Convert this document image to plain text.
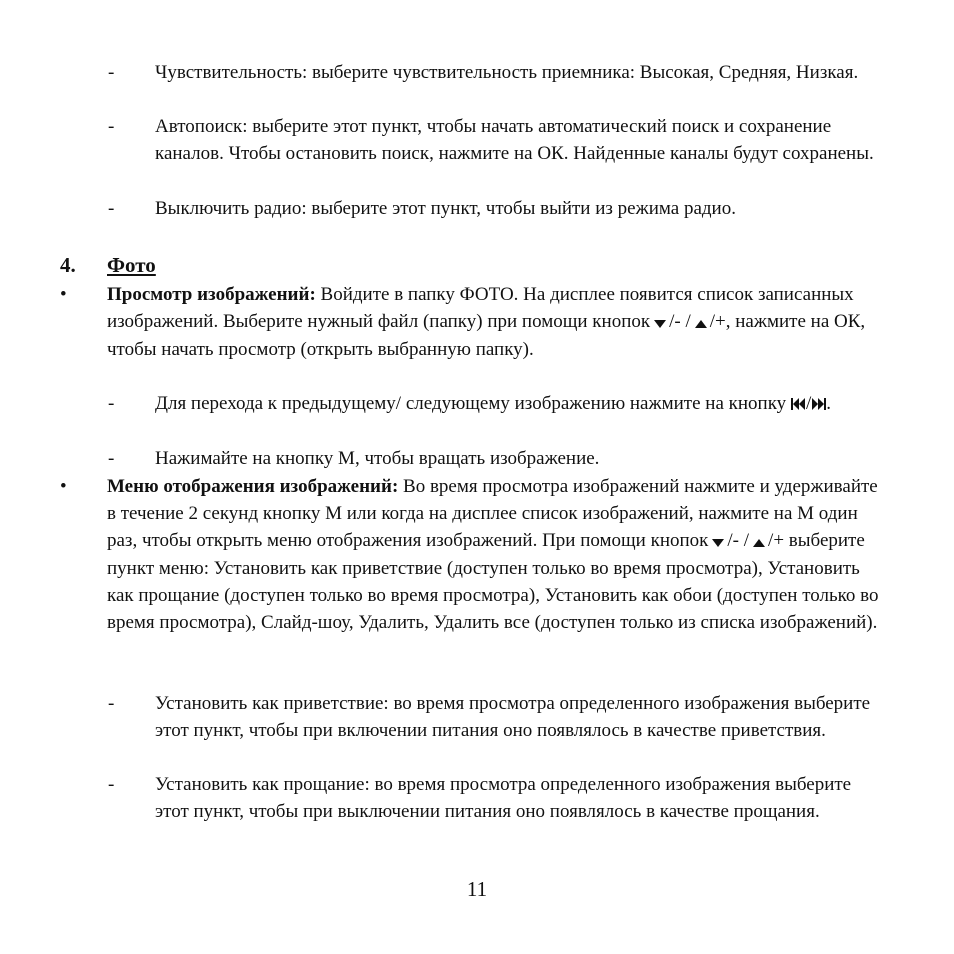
-	Чувствительность: выберите чувствительность приемника: Высокая, Средняя, Низкая.
-	Автопоиск: выберите этот пункт, чтобы начать автоматический поиск и сохранение каналов. Чтобы остановить поиск, нажмите на ОК. Найденные каналы будут сохранены.
-	Выключить радио: выберите этот пункт, чтобы выйти из режима радио.
4. Фото
• Просмотр изображений: Войдите в папку ФОТО. На дисплее появится список записанных изображений. Выберите нужный файл (папку) при помощи кнопок /- / /+, нажмите на ОК, чтобы начать просмотр (открыть выбранную папку).
-	Для перехода к предыдущему/ следующему изображению нажмите на кнопку / .
-	Нажимайте на кнопку М, чтобы вращать изображение.
• Меню отображения изображений: Во время просмотра изображений нажмите и удерживайте в течение 2 секунд кнопку М или когда на дисплее список изображений, нажмите на М один раз, чтобы открыть меню отображения изображений. При помощи кнопок /- / /+ выберите пункт меню: Установить как приветствие (доступен только во время просмотра), Установить как прощание (доступен только во время просмотра), Установить как обои (доступен только во время просмотра), Слайд-шоу, Удалить, Удалить все (доступен только из списка изображений).
-	Установить как приветствие: во время просмотра определенного изображения выберите этот пункт, чтобы при включении питания оно появлялось в качестве приветствия.
-	Установить как прощание: во время просмотра определенного изображения выберите этот пункт, чтобы при выключении питания оно появлялось в качестве прощания.
11
